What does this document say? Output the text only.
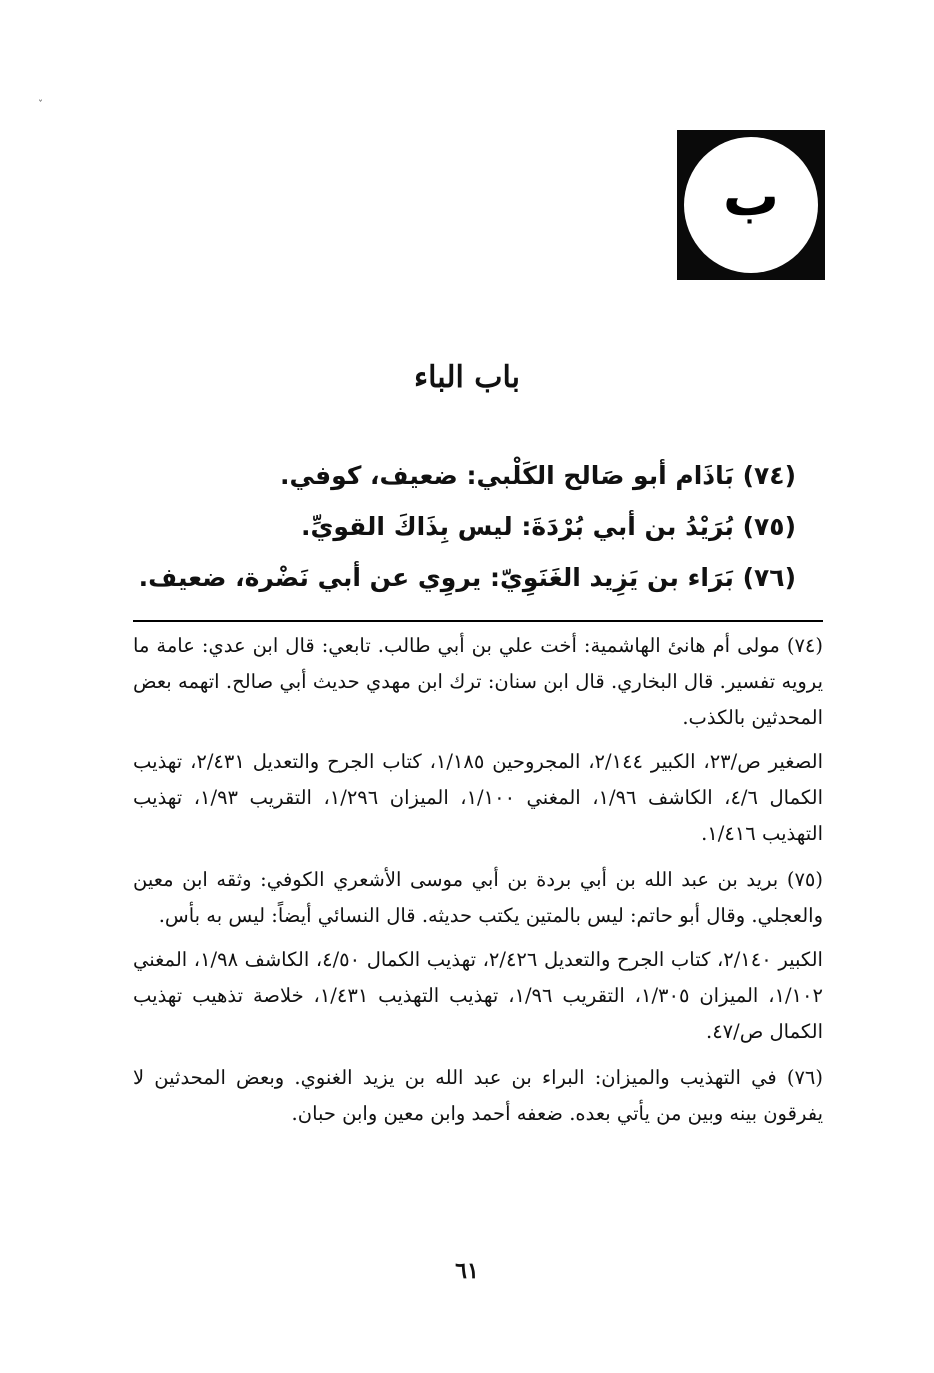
ˇ
ب
باب الباء
(٧٤) بَاذَام أبو صَالح الكَلْبي: ضعيف، كوفي.
(٧٥) بُرَيْدُ بن أبي بُرْدَةَ: ليس بِذَاكَ القويِّ.
(٧٦) بَرَاء بن يَزِيد الغَنَوِيّ: يروِي عن أبي نَضْرة، ضعيف.

(٧٤) مولى أم هانئ الهاشمية: أخت علي بن أبي طالب. تابعي: قال ابن عدي: عامة ما يرويه تفسير. قال البخاري. قال ابن سنان: ترك ابن مهدي حديث أبي صالح. اتهمه بعض المحدثين بالكذب.

الصغير ص/٢٣، الكبير ٢/١٤٤، المجروحين ١/١٨٥، كتاب الجرح والتعديل ٢/٤٣١، تهذيب الكمال ٤/٦، الكاشف ١/٩٦، المغني ١/١٠٠، الميزان ١/٢٩٦، التقريب ١/٩٣، تهذيب التهذيب ١/٤١٦.

(٧٥) بريد بن عبد الله بن أبي بردة بن أبي موسى الأشعري الكوفي: وثقه ابن معين والعجلي. وقال أبو حاتم: ليس بالمتين يكتب حديثه. قال النسائي أيضاً: ليس به بأس.

الكبير ٢/١٤٠، كتاب الجرح والتعديل ٢/٤٢٦، تهذيب الكمال ٤/٥٠، الكاشف ١/٩٨، المغني ١/١٠٢، الميزان ١/٣٠٥، التقريب ١/٩٦، تهذيب التهذيب ١/٤٣١، خلاصة تذهيب تهذيب الكمال ص/٤٧.

(٧٦) في التهذيب والميزان: البراء بن عبد الله بن يزيد الغنوي. وبعض المحدثين لا يفرقون بينه وبين من يأتي بعده. ضعفه أحمد وابن معين وابن حبان.

٦١
